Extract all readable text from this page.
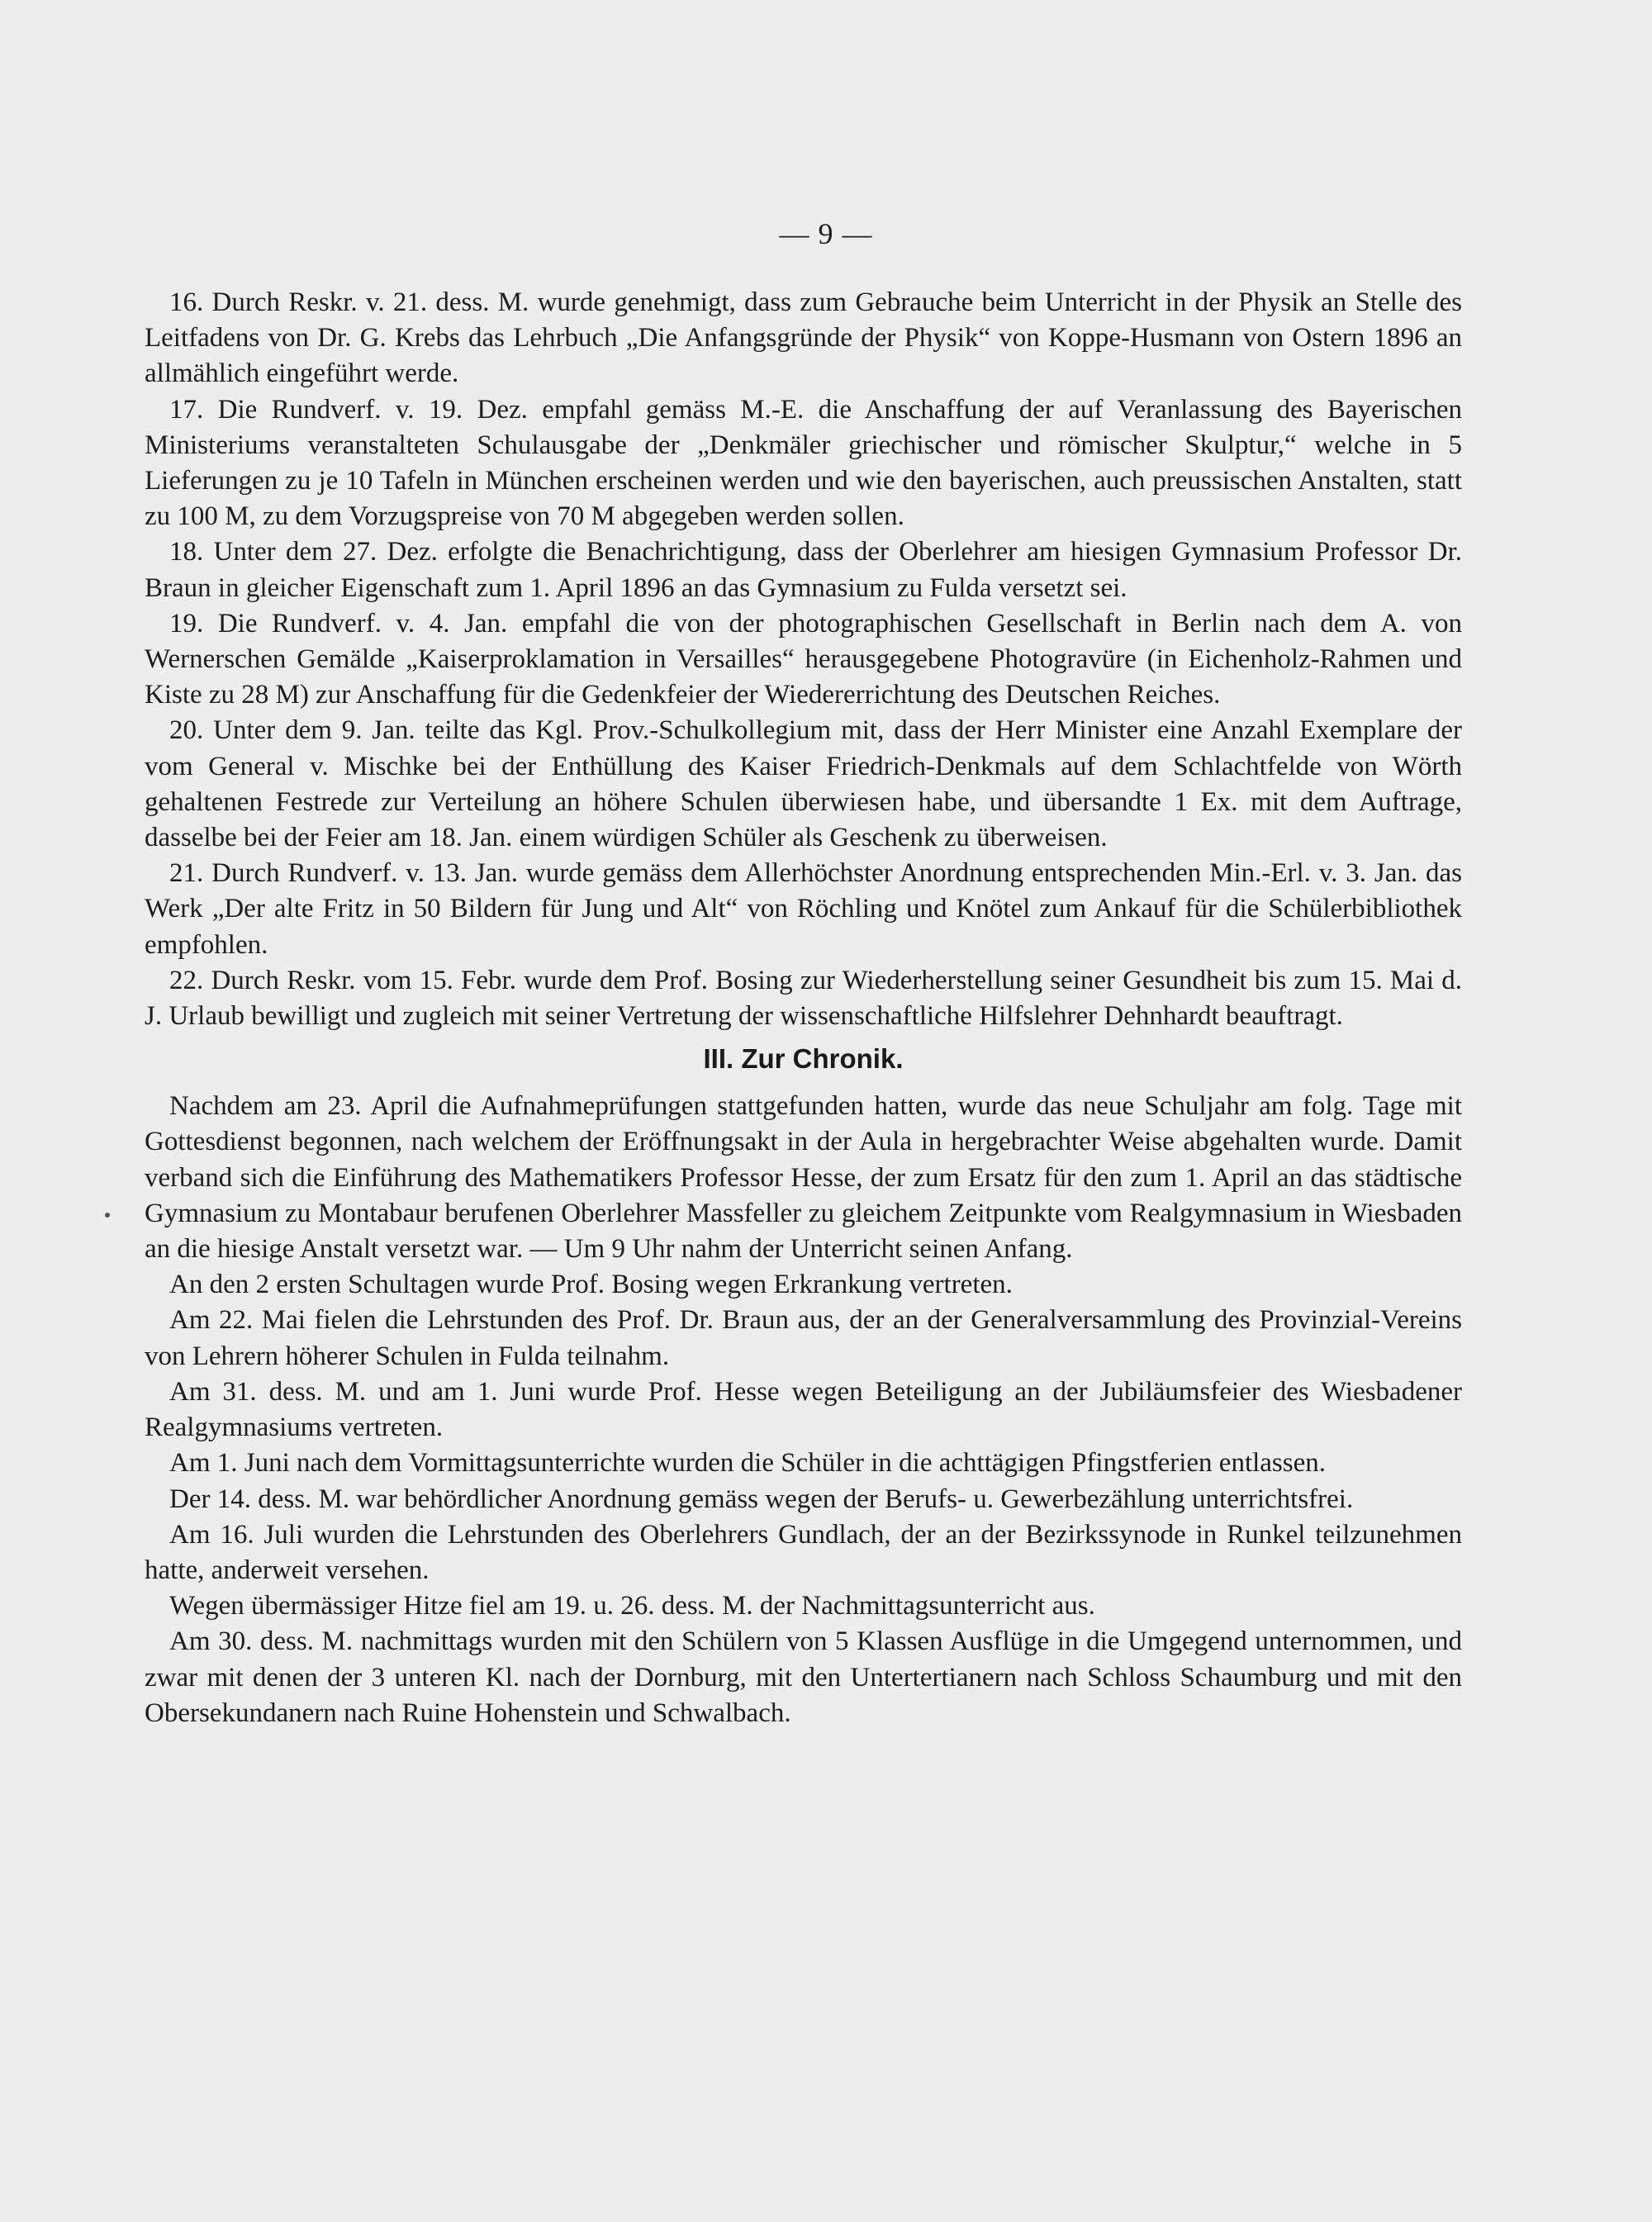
— 9 —

16. Durch Reskr. v. 21. dess. M. wurde genehmigt, dass zum Gebrauche beim Unterricht in der Physik an Stelle des Leitfadens von Dr. G. Krebs das Lehrbuch „Die Anfangsgründe der Physik“ von Koppe-Husmann von Ostern 1896 an allmählich eingeführt werde.

17. Die Rundverf. v. 19. Dez. empfahl gemäss M.-E. die Anschaffung der auf Veranlassung des Bayerischen Ministeriums veranstalteten Schulausgabe der „Denkmäler griechischer und römischer Skulptur,“ welche in 5 Lieferungen zu je 10 Tafeln in München erscheinen werden und wie den bayerischen, auch preussischen Anstalten, statt zu 100 M, zu dem Vorzugspreise von 70 M abgegeben werden sollen.

18. Unter dem 27. Dez. erfolgte die Benachrichtigung, dass der Oberlehrer am hiesigen Gymnasium Professor Dr. Braun in gleicher Eigenschaft zum 1. April 1896 an das Gymnasium zu Fulda versetzt sei.

19. Die Rundverf. v. 4. Jan. empfahl die von der photographischen Gesellschaft in Berlin nach dem A. von Wernerschen Gemälde „Kaiserproklamation in Versailles“ herausgegebene Photogravüre (in Eichenholz-Rahmen und Kiste zu 28 M) zur Anschaffung für die Gedenkfeier der Wiedererrichtung des Deutschen Reiches.

20. Unter dem 9. Jan. teilte das Kgl. Prov.-Schulkollegium mit, dass der Herr Minister eine Anzahl Exemplare der vom General v. Mischke bei der Enthüllung des Kaiser Friedrich-Denkmals auf dem Schlachtfelde von Wörth gehaltenen Festrede zur Verteilung an höhere Schulen überwiesen habe, und übersandte 1 Ex. mit dem Auftrage, dasselbe bei der Feier am 18. Jan. einem würdigen Schüler als Geschenk zu überweisen.

21. Durch Rundverf. v. 13. Jan. wurde gemäss dem Allerhöchster Anordnung entsprechenden Min.-Erl. v. 3. Jan. das Werk „Der alte Fritz in 50 Bildern für Jung und Alt“ von Röchling und Knötel zum Ankauf für die Schülerbibliothek empfohlen.

22. Durch Reskr. vom 15. Febr. wurde dem Prof. Bosing zur Wiederherstellung seiner Gesundheit bis zum 15. Mai d. J. Urlaub bewilligt und zugleich mit seiner Vertretung der wissenschaftliche Hilfslehrer Dehnhardt beauftragt.

III. Zur Chronik.

Nachdem am 23. April die Aufnahmeprüfungen stattgefunden hatten, wurde das neue Schuljahr am folg. Tage mit Gottesdienst begonnen, nach welchem der Eröffnungsakt in der Aula in hergebrachter Weise abgehalten wurde. Damit verband sich die Einführung des Mathematikers Professor Hesse, der zum Ersatz für den zum 1. April an das städtische Gymnasium zu Montabaur berufenen Oberlehrer Massfeller zu gleichem Zeitpunkte vom Realgymnasium in Wiesbaden an die hiesige Anstalt versetzt war. — Um 9 Uhr nahm der Unterricht seinen Anfang.

An den 2 ersten Schultagen wurde Prof. Bosing wegen Erkrankung vertreten.

Am 22. Mai fielen die Lehrstunden des Prof. Dr. Braun aus, der an der Generalversammlung des Provinzial-Vereins von Lehrern höherer Schulen in Fulda teilnahm.

Am 31. dess. M. und am 1. Juni wurde Prof. Hesse wegen Beteiligung an der Jubiläumsfeier des Wiesbadener Realgymnasiums vertreten.

Am 1. Juni nach dem Vormittagsunterrichte wurden die Schüler in die achttägigen Pfingstferien entlassen.

Der 14. dess. M. war behördlicher Anordnung gemäss wegen der Berufs- u. Gewerbezählung unterrichtsfrei.

Am 16. Juli wurden die Lehrstunden des Oberlehrers Gundlach, der an der Bezirkssynode in Runkel teilzunehmen hatte, anderweit versehen.

Wegen übermässiger Hitze fiel am 19. u. 26. dess. M. der Nachmittagsunterricht aus.

Am 30. dess. M. nachmittags wurden mit den Schülern von 5 Klassen Ausflüge in die Umgegend unternommen, und zwar mit denen der 3 unteren Kl. nach der Dornburg, mit den Untertertianern nach Schloss Schaumburg und mit den Obersekundanern nach Ruine Hohenstein und Schwalbach.
